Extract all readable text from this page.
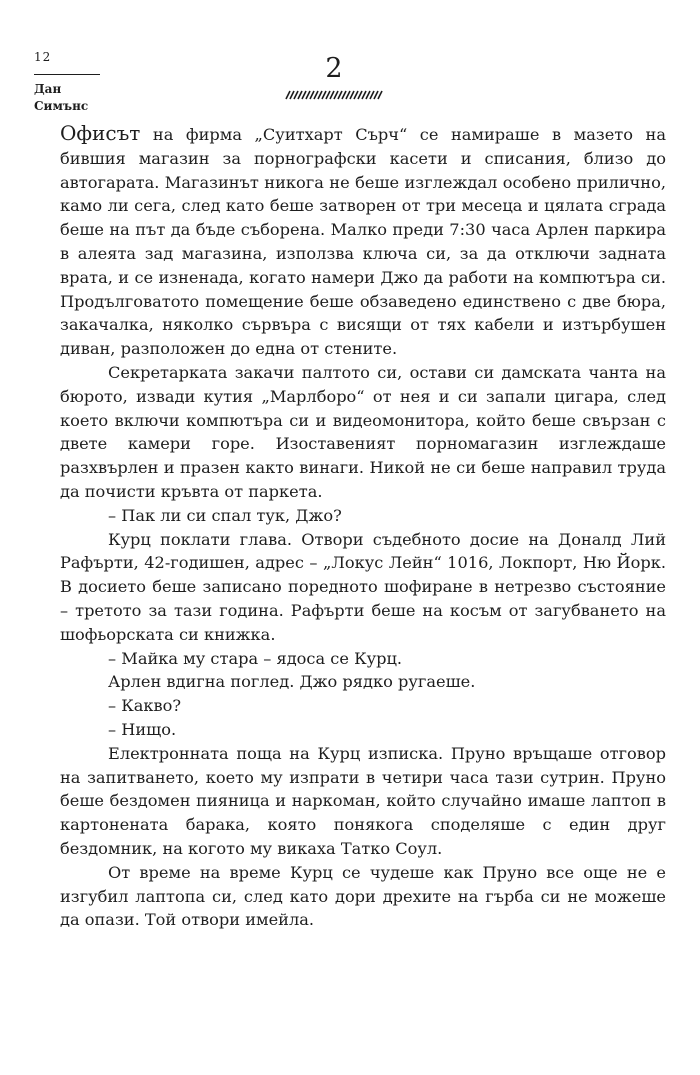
12
Дан
Симънс
2

Офисът на фирма „Суитхарт Сърч“ се намираше в мазето на бившия магазин за порнографски касети и списания, близо до автогарата. Магазинът никога не беше изглеждал особено прилично, камо ли сега, след като беше затворен от три месеца и цялата сграда беше на път да бъде съборена. Малко преди 7:30 часа Арлен паркира в алеята зад магазина, използва ключа си, за да отключи задната врата, и се изненада, когато намери Джо да работи на компютъра си. Продълговатото помещение беше обзаведено единствено с две бюра, закачалка, няколко сървъра с висящи от тях кабели и изтърбушен диван, разположен до една от стените.

Секретарката закачи палтото си, остави си дамската чанта на бюрото, извади кутия „Марлборо“ от нея и си запали цигара, след което включи компютъра си и видеомонитора, който беше свързан с двете камери горе. Изоставеният порномагазин изглеждаше разхвърлен и празен както винаги. Никой не си беше направил труда да почисти кръвта от паркета.

– Пак ли си спал тук, Джо?

Курц поклати глава. Отвори съдебното досие на Доналд Лий Рафърти, 42-годишен, адрес – „Локус Лейн“ 1016, Локпорт, Ню Йорк. В досието беше записано поредното шофиране в нетрезво състояние – третото за тази година. Рафърти беше на косъм от загубването на шофьорската си книжка.

– Майка му стара – ядоса се Курц.

Арлен вдигна поглед. Джо рядко ругаеше.

– Какво?

– Нищо.

Електронната поща на Курц изписка. Пруно връщаше отговор на запитването, което му изпрати в четири часа тази сутрин. Пруно беше бездомен пияница и наркоман, който случайно имаше лаптоп в картонената барака, която понякога споделяше с един друг бездомник, на когото му викаха Татко Соул.

От време на време Курц се чудеше как Пруно все още не е изгубил лаптопа си, след като дори дрехите на гърба си не можеше да опази. Той отвори имейла.
